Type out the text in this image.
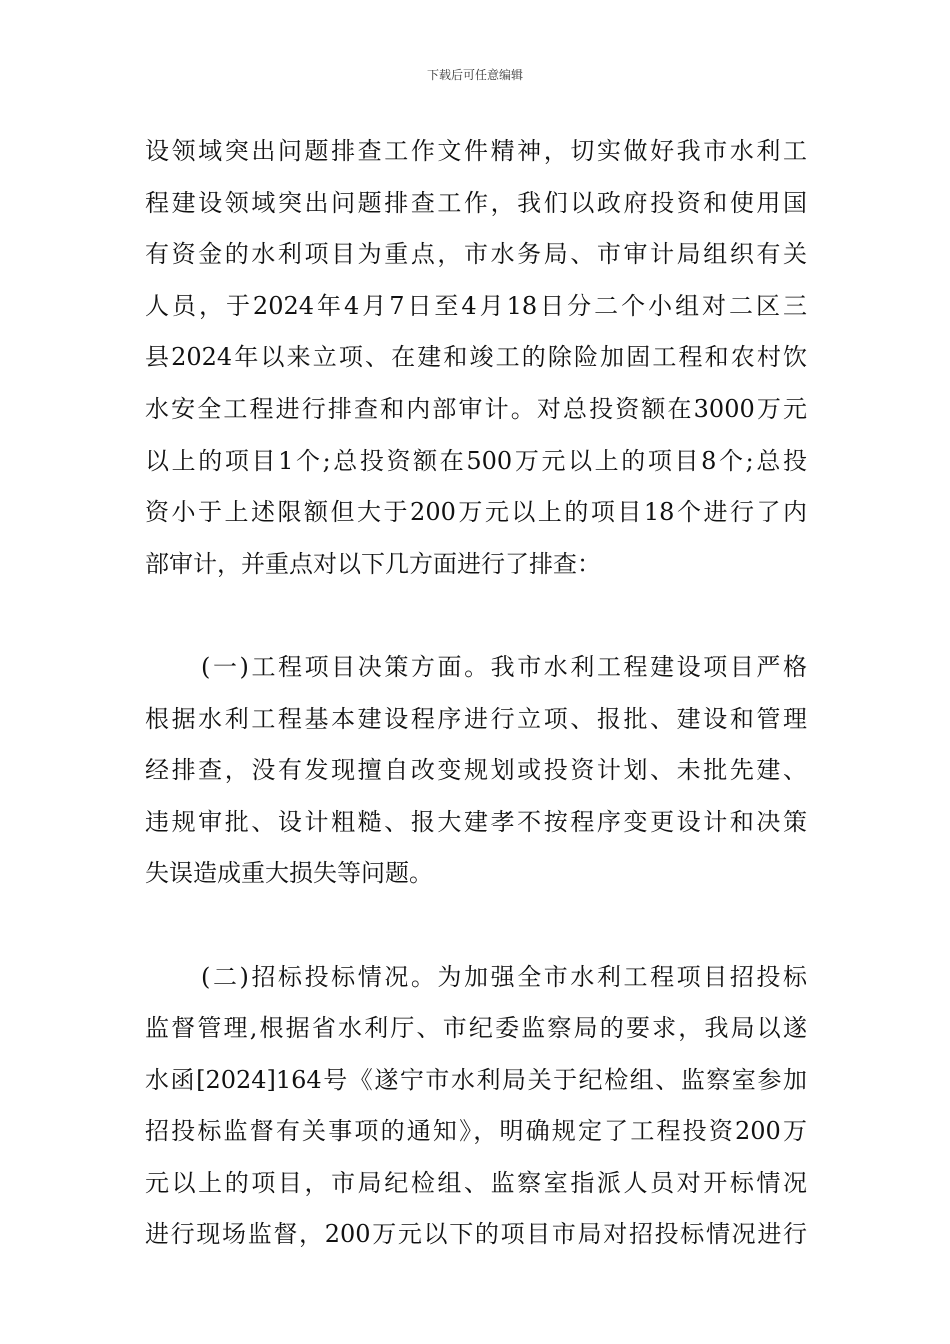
下载后可任意编辑
设领域突出问题排查工作文件精神，切实做好我市水利工
程建设领域突出问题排查工作，我们以政府投资和使用国
有资金的水利项目为重点，市水务局、市审计局组织有关
人员，于2024年4月7日至4月18日分二个小组对二区三
县2024年以来立项、在建和竣工的除险加固工程和农村饮
水安全工程进行排查和内部审计。对总投资额在3000万元
以上的项目1个;总投资额在500万元以上的项目8个;总投
资小于上述限额但大于200万元以上的项目18个进行了内
部审计，并重点对以下几方面进行了排查：
(一)工程项目决策方面。我市水利工程建设项目严格
根据水利工程基本建设程序进行立项、报批、建设和管理
经排查，没有发现擅自改变规划或投资计划、未批先建、
违规审批、设计粗糙、报大建孝不按程序变更设计和决策
失误造成重大损失等问题。
(二)招标投标情况。为加强全市水利工程项目招投标
监督管理,根据省水利厅、市纪委监察局的要求，我局以遂
水函[2024]164号《遂宁市水利局关于纪检组、监察室参加
招投标监督有关事项的通知》，明确规定了工程投资200万
元以上的项目，市局纪检组、监察室指派人员对开标情况
进行现场监督，200万元以下的项目市局对招投标情况进行
